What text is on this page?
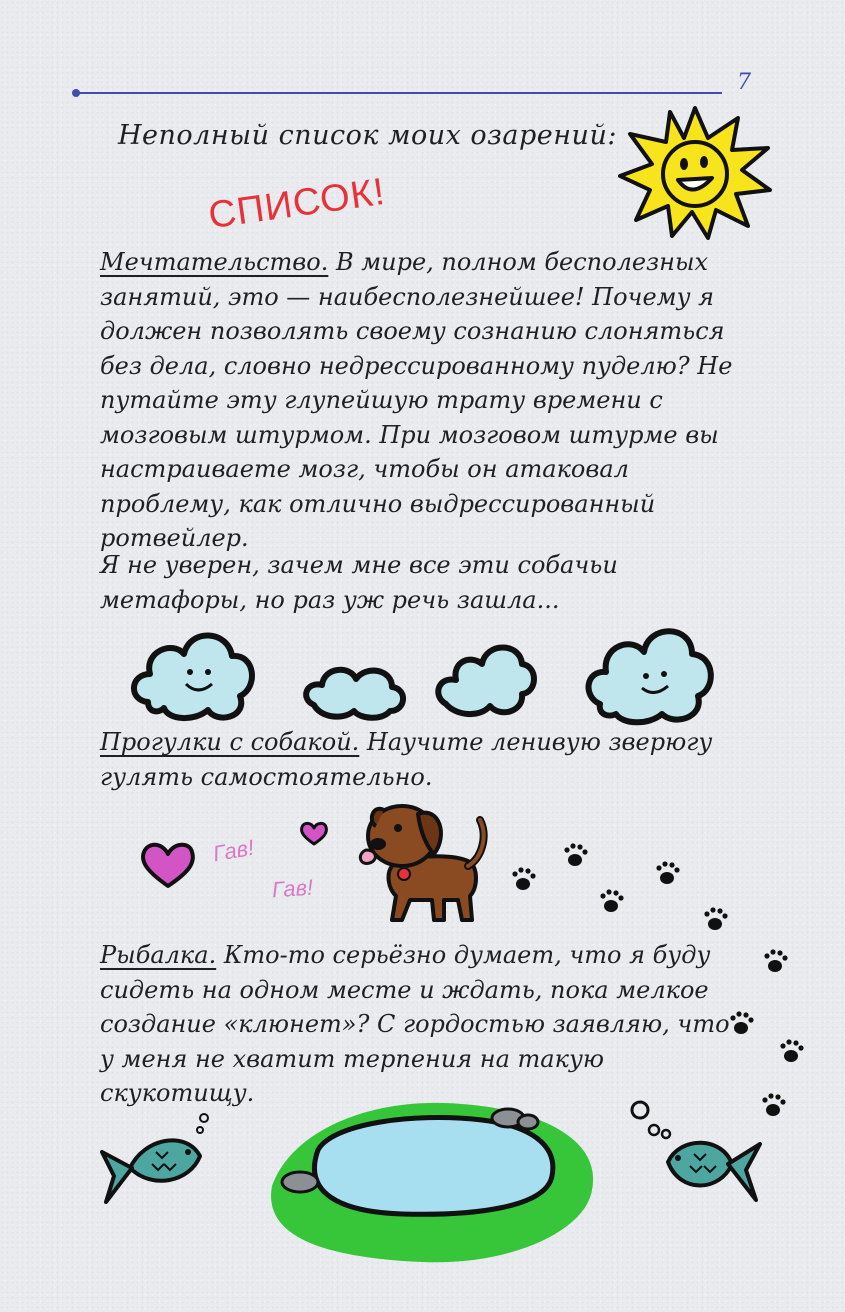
7
Неполный список моих озарений:
СПИСОК!
Мечтательство. В мире, полном бесполезных занятий, это — наибесполезнейшее! Почему я должен позволять своему сознанию слоняться без дела, словно недрессированному пуделю? Не путайте эту глупейшую трату времени с мозговым штурмом. При мозговом штурме вы настраиваете мозг, чтобы он атаковал проблему, как отлично выдрессированный ротвейлер.
Я не уверен, зачем мне все эти собачьи метафоры, но раз уж речь зашла...
Прогулки с собакой. Научите ленивую зверюгу гулять самостоятельно.
Гав!
Гав!
Рыбалка. Кто-то серьёзно думает, что я буду сидеть на одном месте и ждать, пока мелкое создание «клюнет»? С гордостью заявляю, что у меня не хватит терпения на такую скукотищу.
